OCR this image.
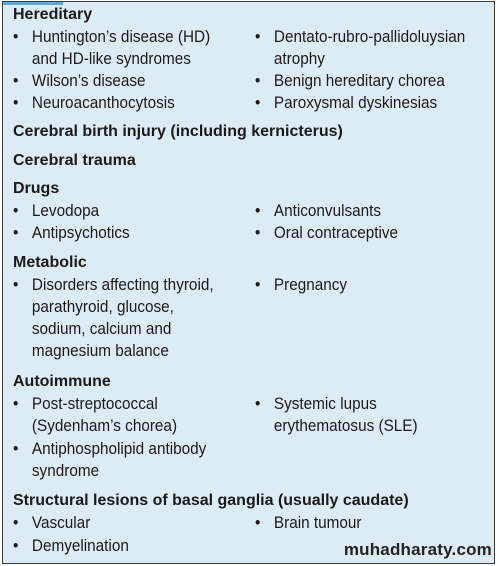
Hereditary
• Huntington’s disease (HD)
and HD-like syndromes
• Wilson’s disease
• Neuroacanthocytosis
• Dentato-rubro-pallidoluysian
atrophy
• Benign hereditary chorea
• Paroxysmal dyskinesias
Cerebral birth injury (including kernicterus)
Cerebral trauma
Drugs
• Levodopa
• Antipsychotics
• Anticonvulsants
• Oral contraceptive
Metabolic
• Disorders affecting thyroid,
parathyroid, glucose,
sodium, calcium and
magnesium balance
• Pregnancy
Autoimmune
• Post-streptococcal
(Sydenham’s chorea)
• Antiphospholipid antibody
syndrome
• Systemic lupus
erythematosus (SLE)
Structural lesions of basal ganglia (usually caudate)
• Vascular
• Demyelination
• Brain tumour
muhadharaty.com
